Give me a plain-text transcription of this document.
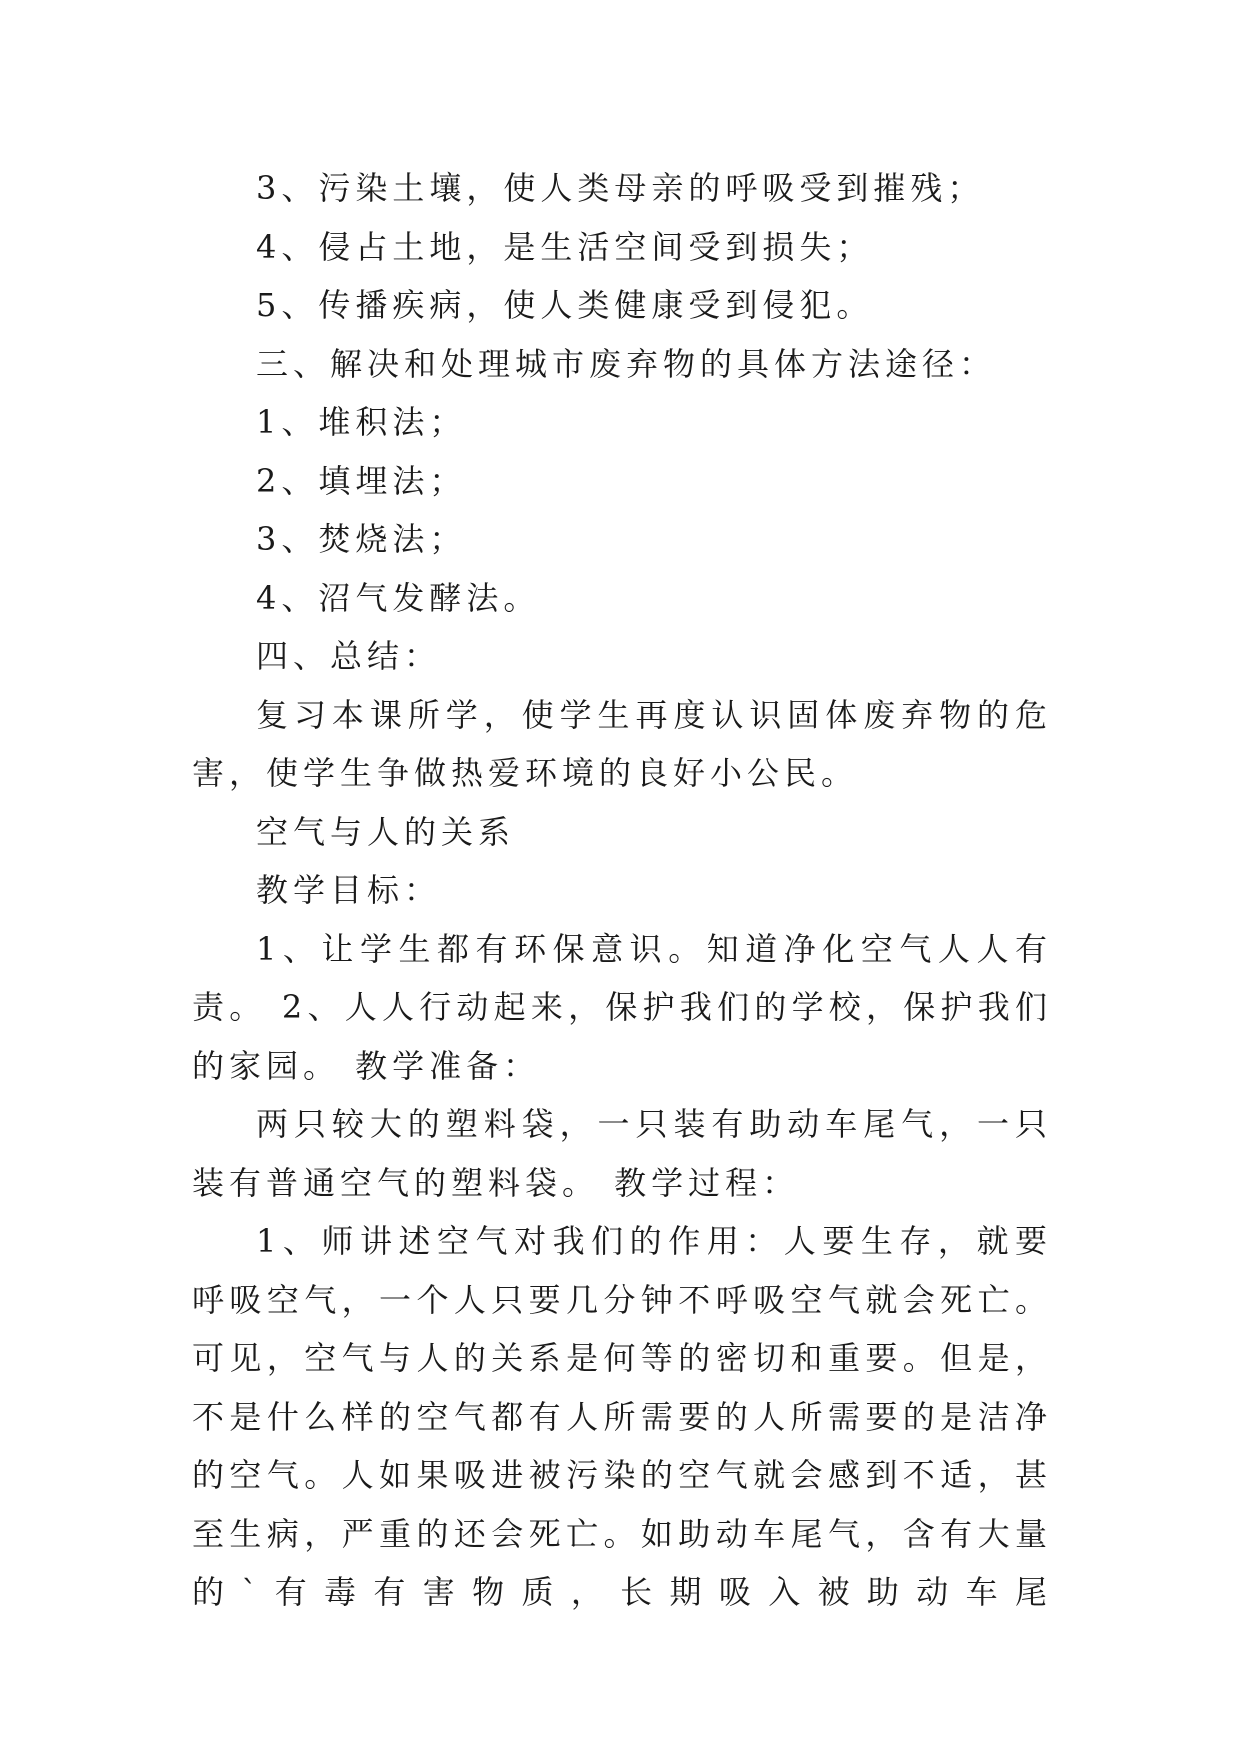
3、污染土壤，使人类母亲的呼吸受到摧残；

4、侵占土地，是生活空间受到损失；

5、传播疾病，使人类健康受到侵犯。

三、解决和处理城市废弃物的具体方法途径：

1、堆积法；

2、填埋法；

3、焚烧法；

4、沼气发酵法。

四、总结：

复习本课所学，使学生再度认识固体废弃物的危害，使学生争做热爱环境的良好小公民。

空气与人的关系

教学目标：

1、让学生都有环保意识。知道净化空气人人有责。 2、人人行动起来，保护我们的学校，保护我们的家园。 教学准备：

两只较大的塑料袋，一只装有助动车尾气，一只装有普通空气的塑料袋。 教学过程：

1、师讲述空气对我们的作用：人要生存，就要呼吸空气，一个人只要几分钟不呼吸空气就会死亡。可见，空气与人的关系是何等的密切和重要。但是，不是什么样的空气都有人所需要的人所需要的是洁净的空气。人如果吸进被污染的空气就会感到不适，甚至生病，严重的还会死亡。如助动车尾气，含有大量的`有毒有害物质，长期吸入被助动车尾
